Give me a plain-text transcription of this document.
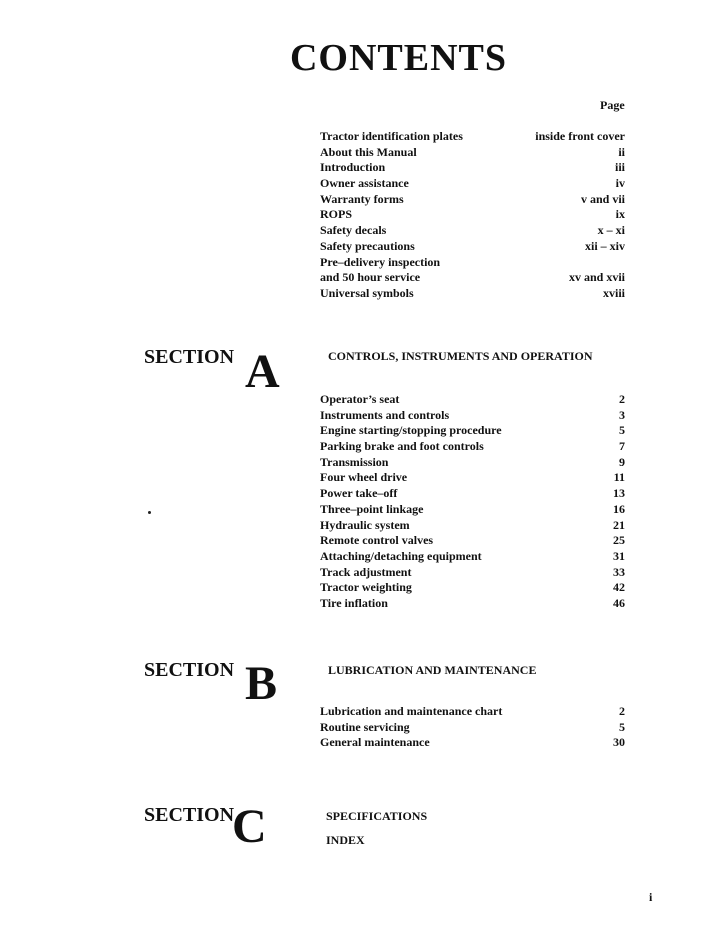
CONTENTS
Page
Tractor identification plates	inside front cover
About this Manual	ii
Introduction	iii
Owner assistance	iv
Warranty forms	v and vii
ROPS	ix
Safety decals	x – xi
Safety precautions	xii – xiv
Pre–delivery inspection
and 50 hour service	xv and xvii
Universal symbols	xviii
SECTION A	CONTROLS, INSTRUMENTS AND OPERATION
Operator’s seat	2
Instruments and controls	3
Engine starting/stopping procedure	5
Parking brake and foot controls	7
Transmission	9
Four wheel drive	11
Power take–off	13
Three–point linkage	16
Hydraulic system	21
Remote control valves	25
Attaching/detaching equipment	31
Track adjustment	33
Tractor weighting	42
Tire inflation	46
SECTION B	LUBRICATION AND MAINTENANCE
Lubrication and maintenance chart	2
Routine servicing	5
General maintenance	30
SECTION
C	SPECIFICATIONS
INDEX
i
